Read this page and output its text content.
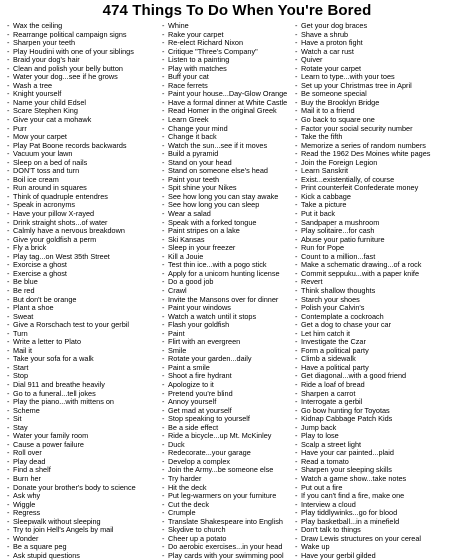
474 Things To Do When You're Bored
- Wax the ceiling
- Rearrange political campaign signs
- Sharpen your teeth
- Play Houdini with one of your siblings
- Braid your dog's hair
- Clean and polish your belly button
- Water your dog...see if he grows
- Wash a tree
- Knight yourself
- Name your child Edsel
- Scare Stephen King
- Give your cat a mohawk
- Purr
- Mow your carpet
- Play Pat Boone records backwards
- Vacuum your lawn
- Sleep on a bed of nails
- DON'T toss and turn
- Boil ice cream
- Run around in squares
- Think of quadruple entendres
- Speak in acronyms
- Have your pillow X-rayed
- Drink straight shots...of water
- Calmly have a nervous breakdown
- Give your goldfish a perm
- Fly a brick
- Play tag...on West 35th Street
- Exorcise a ghost
- Exercise a ghost
- Be blue
- Be red
- But don't be orange
- Plant a shoe
- Sweat
- Give a Rorschach test to your gerbil
- Turn
- Write a letter to Plato
- Mail it
- Take your sofa for a walk
- Start
- Stop
- Dial 911 and breathe heavily
- Go to a funeral...tell jokes
- Play the piano...with mittens on
- Scheme
- Sit
- Stay
- Water your family room
- Cause a power failure
- Roll over
- Play dead
- Find a shelf
- Burn her
- Donate your brother's body to science
- Ask why
- Wiggle
- Regress
- Sleepwalk without sleeping
- Try to join Hell's Angels by mail
- Wonder
- Be a square peg
- Ask stupid questions
- Whine
- Rake your carpet
- Re-elect Richard Nixon
- Critique "Three's Company"
- Listen to a painting
- Play with matches
- Buff your cat
- Race ferrets
- Paint your house...Day-Glow Orange
- Have a formal dinner at White Castle
- Read Homer in the original Greek
- Learn Greek
- Change your mind
- Change it back
- Watch the sun...see if it moves
- Build a pyramid
- Stand on your head
- Stand on someone else's head
- Paint your teeth
- Spit shine your Nikes
- See how long you can stay awake
- See how long you can sleep
- Wear a salad
- Speak with a forked tongue
- Paint stripes on a lake
- Ski Kansas
- Sleep in your freezer
- Kill a Jouie
- Test thin ice...with a pogo stick
- Apply for a unicorn hunting license
- Do a good job
- Crawl
- Invite the Mansons over for dinner
- Paint your windows
- Watch a watch until it stops
- Flash your goldfish
- Paint
- Flirt with an evergreen
- Smile
- Rotate your garden...daily
- Paint a smile
- Shoot a fire hydrant
- Apologize to it
- Pretend you're blind
- Annoy yourself
- Get mad at yourself
- Stop speaking to yourself
- Be a side effect
- Ride a bicycle...up Mt. McKinley
- Duck
- Redecorate...your garage
- Develop a complex
- Join the Army...be someone else
- Try harder
- Hit the deck
- Put leg-warmers on your furniture
- Cut the deck
- Crumple
- Translate Shakespeare into English
- Skydive to church
- Cheer up a potato
- Do aerobic exercises...in your head
- Play cards with your swimming pool
- Get your dog braces
- Shave a shrub
- Have a proton fight
- Watch a car rust
- Quiver
- Rotate your carpet
- Learn to type...with your toes
- Set up your Christmas tree in April
- Be someone special
- Buy the Brooklyn Bridge
- Mail it to a friend
- Go back to square one
- Factor your social security number
- Take the fifth
- Memorize a series of random numbers
- Read the 1962 Des Moines white pages
- Join the Foreign Legion
- Learn Sanskrit
- Exist...existentially, of course
- Print counterfeit Confederate money
- Kick a cabbage
- Take a picture
- Put it back
- Sandpaper a mushroom
- Play solitaire...for cash
- Abuse your patio furniture
- Run for Pope
- Count to a million...fast
- Make a schematic drawing...of a rock
- Commit seppuku...with a paper knife
- Revert
- Think shallow thoughts
- Starch your shoes
- Polish your Calvin's
- Contemplate a cockroach
- Get a dog to chase your car
- Let him catch it
- Investigate the Czar
- Form a political party
- Climb a sidewalk
- Have a political party
- Get diagonal...with a good friend
- Ride a loaf of bread
- Sharpen a carrot
- Interrogate a gerbil
- Go bow hunting for Toyotas
- Kidnap Cabbage Patch Kids
- Jump back
- Play to lose
- Scalp a street light
- Have your car painted...plaid
- Read a tomato
- Sharpen your sleeping skills
- Watch a game show...take notes
- Put out a fire
- If you can't find a fire, make one
- Interview a cloud
- Play tiddlywinks...go for blood
- Play basketball...in a minefield
- Don't talk to things
- Draw Lewis structures on your cereal
- Wake up
- Have your gerbil gilded
